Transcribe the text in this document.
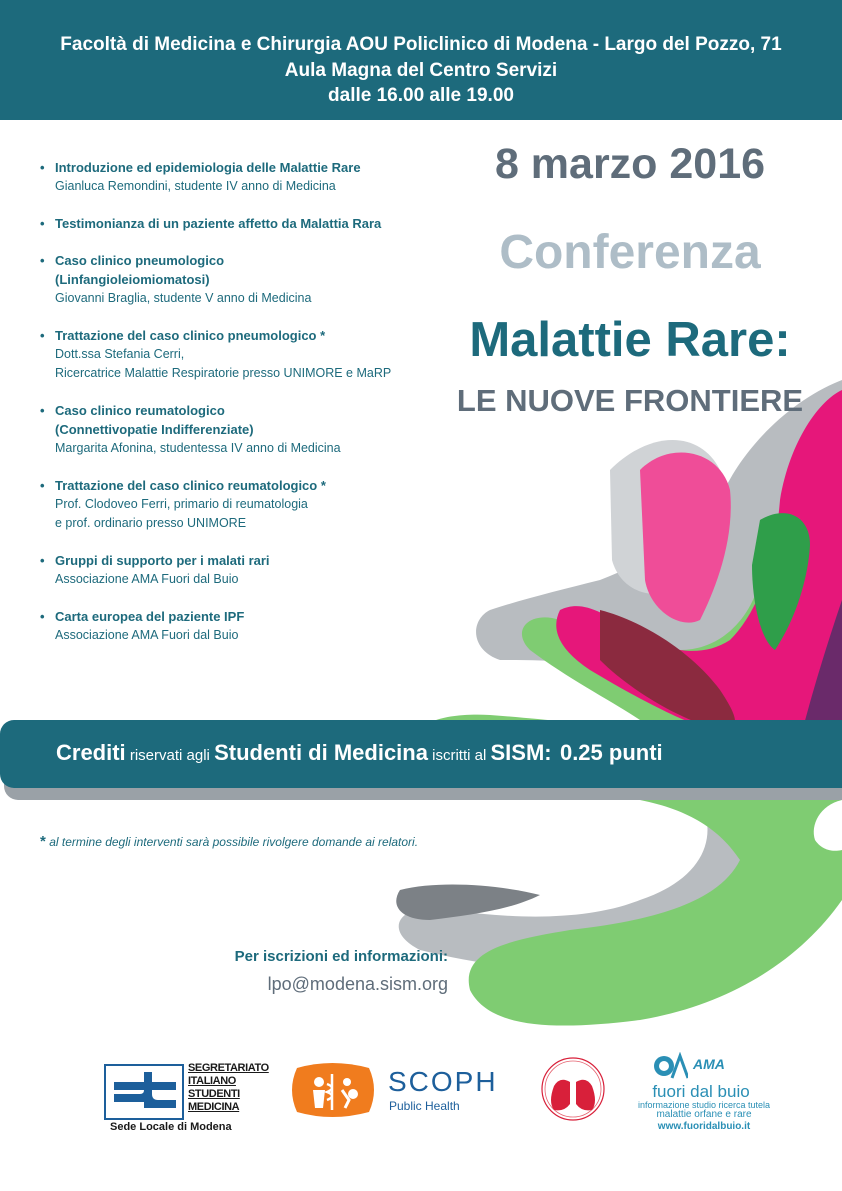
Facoltà di Medicina e Chirurgia AOU Policlinico di Modena - Largo del Pozzo, 71
Aula Magna del Centro Servizi
dalle 16.00 alle 19.00
• Introduzione ed epidemiologia delle Malattie Rare
Gianluca Remondini, studente IV anno di Medicina
• Testimonianza di un paziente affetto da Malattia Rara
• Caso clinico pneumologico
(Linfangioleiomiomatosi)
Giovanni Braglia, studente V anno di Medicina
• Trattazione del caso clinico pneumologico *
Dott.ssa Stefania Cerri,
Ricercatrice Malattie Respiratorie presso UNIMORE e MaRP
• Caso clinico reumatologico
(Connettivopatie Indifferenziate)
Margarita Afonina, studentessa IV anno di Medicina
• Trattazione del caso clinico reumatologico *
Prof. Clodoveo Ferri, primario di reumatologia
e prof. ordinario presso UNIMORE
• Gruppi di supporto per i malati rari
Associazione AMA Fuori dal Buio
• Carta europea del paziente IPF
Associazione AMA Fuori dal Buio
8 marzo 2016
Conferenza
Malattie Rare:
LE NUOVE FRONTIERE
Crediti riservati agli Studenti di Medicina iscritti al SISM: 0.25 punti
* al termine degli interventi sarà possibile rivolgere domande ai relatori.
Per iscrizioni ed informazioni:
lpo@modena.sism.org
SEGRETARIATO
ITALIANO
STUDENTI
MEDICINA
Sede Locale di Modena
SCOPH
Public Health
AMA
fuori dal buio
informazione studio ricerca tutela
malattie orfane e rare
www.fuoridalbuio.it
